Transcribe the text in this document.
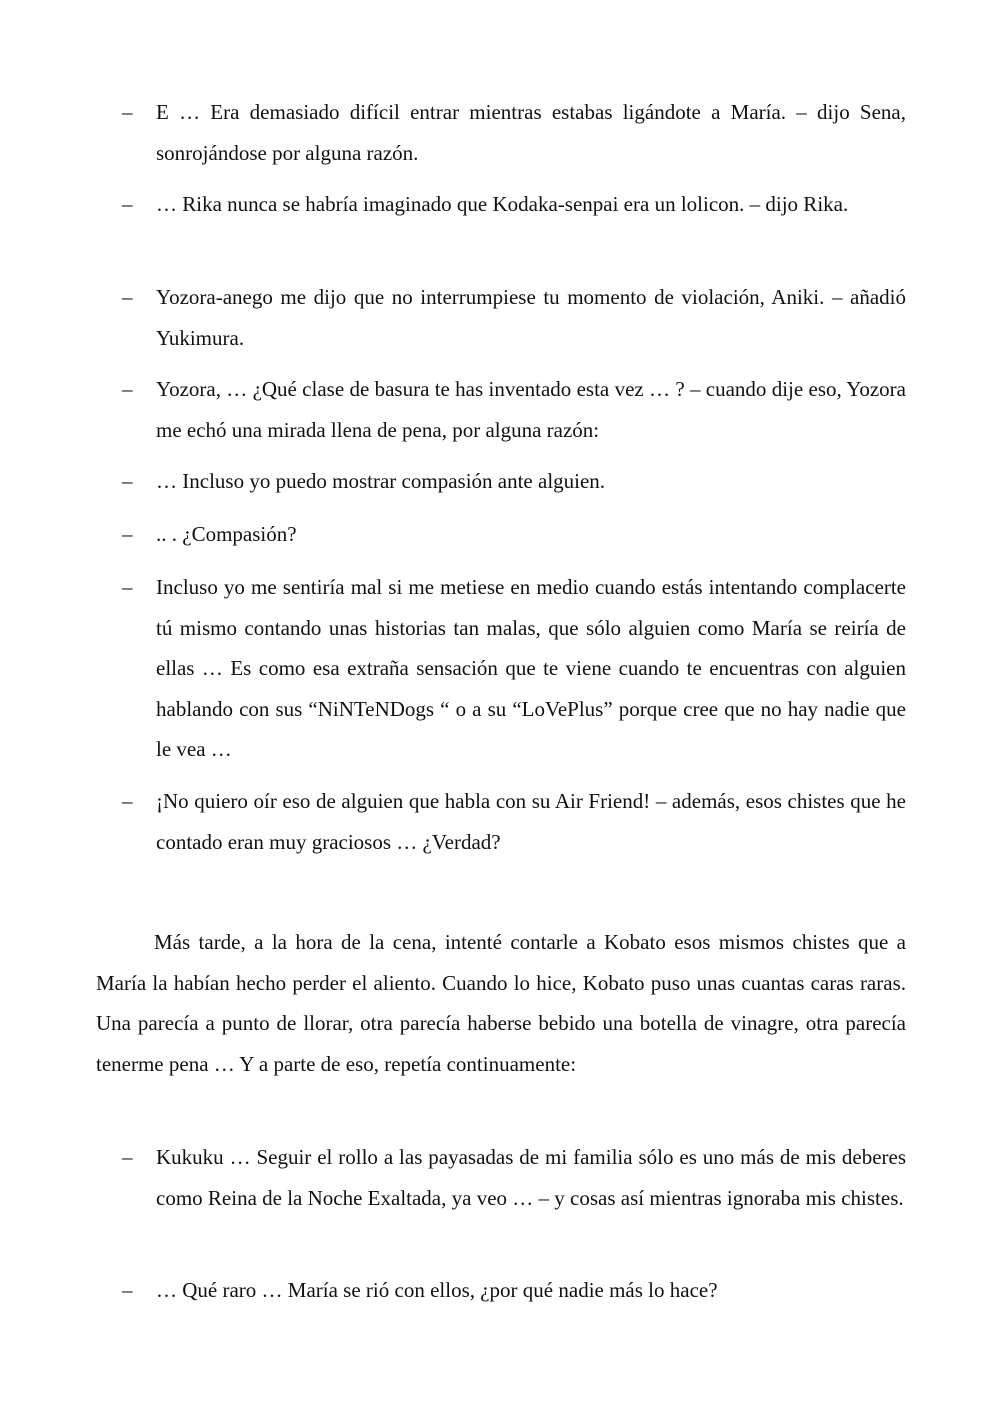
– E … Era demasiado difícil entrar mientras estabas ligándote a María. – dijo Sena, sonrojándose por alguna razón.
– … Rika nunca se habría imaginado que Kodaka-senpai era un lolicon. – dijo Rika.
– Yozora-anego me dijo que no interrumpiese tu momento de violación, Aniki. – añadió Yukimura.
– Yozora, … ¿Qué clase de basura te has inventado esta vez … ? – cuando dije eso, Yozora me echó una mirada llena de pena, por alguna razón:
– … Incluso yo puedo mostrar compasión ante alguien.
– .. . ¿Compasión?
– Incluso yo me sentiría mal si me metiese en medio cuando estás intentando complacerte tú mismo contando unas historias tan malas, que sólo alguien como María se reiría de ellas … Es como esa extraña sensación que te viene cuando te encuentras con alguien hablando con sus “NiNTeNDogs “ o a su “LoVePlus” porque cree que no hay nadie que le vea …
– ¡No quiero oír eso de alguien que habla con su Air Friend! – además, esos chistes que he contado eran muy graciosos … ¿Verdad?
Más tarde, a la hora de la cena, intenté contarle a Kobato esos mismos chistes que a María la habían hecho perder el aliento. Cuando lo hice, Kobato puso unas cuantas caras raras. Una parecía a punto de llorar, otra parecía haberse bebido una botella de vinagre, otra parecía tenerme pena … Y a parte de eso, repetía continuamente:
– Kukuku … Seguir el rollo a las payasadas de mi familia sólo es uno más de mis deberes como Reina de la Noche Exaltada, ya veo … – y cosas así mientras ignoraba mis chistes.
– … Qué raro … María se rió con ellos, ¿por qué nadie más lo hace?
